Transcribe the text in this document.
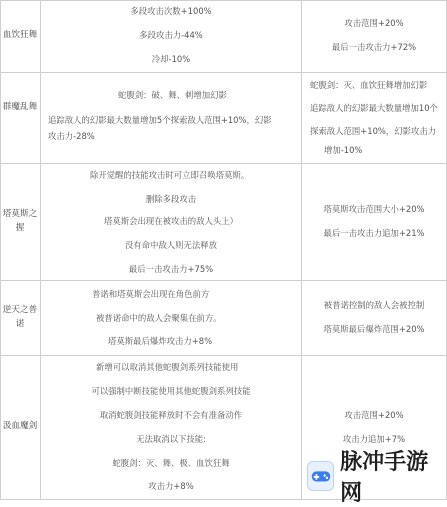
血饮狂舞
多段攻击次数+100%
多段攻击力-44%
冷却-10%
攻击范围+20%
最后一击攻击力+72%
群魔乱舞
蛇腹剑：破、舞、刺增加幻影
追踪敌人的幻影最大数量增加5个探索敌人范围+10%，幻影
攻击力-28%
蛇腹剑：灭、血饮狂舞增加幻影
追踪敌人的幻影最大数量增加10个
探索敌人范围+10%，幻影攻击力
增加-10%
塔莫斯之
握
除开觉醒的技能攻击时可立即召唤塔莫斯。
删除多段攻击
塔莫斯会出现在被攻击的敌人头上）
没有命中敌人则无法释放
最后一击攻击力+75%
塔莫斯攻击范围大小+20%
最后一击攻击力追加+21%
逆天之普
诺
普诺和塔莫斯会出现在角色前方
被普诺命中的敌人会聚集在前方。
塔莫斯最后爆炸攻击力+8%
被普诺控制的敌人会被控制
塔莫斯最后爆炸范围+20%
汲血魔剑
新增可以取消其他蛇腹剑系列技能使用
可以强制中断技能使用其他蛇腹剑系列技能
取消蛇腹剑技能释放时不会有准备动作
无法取消以下技能:
蛇腹剑：灭、舞、极、血饮狂舞
攻击力+8%
攻击范围+20%
攻击力追加+7%
脉冲手游网
